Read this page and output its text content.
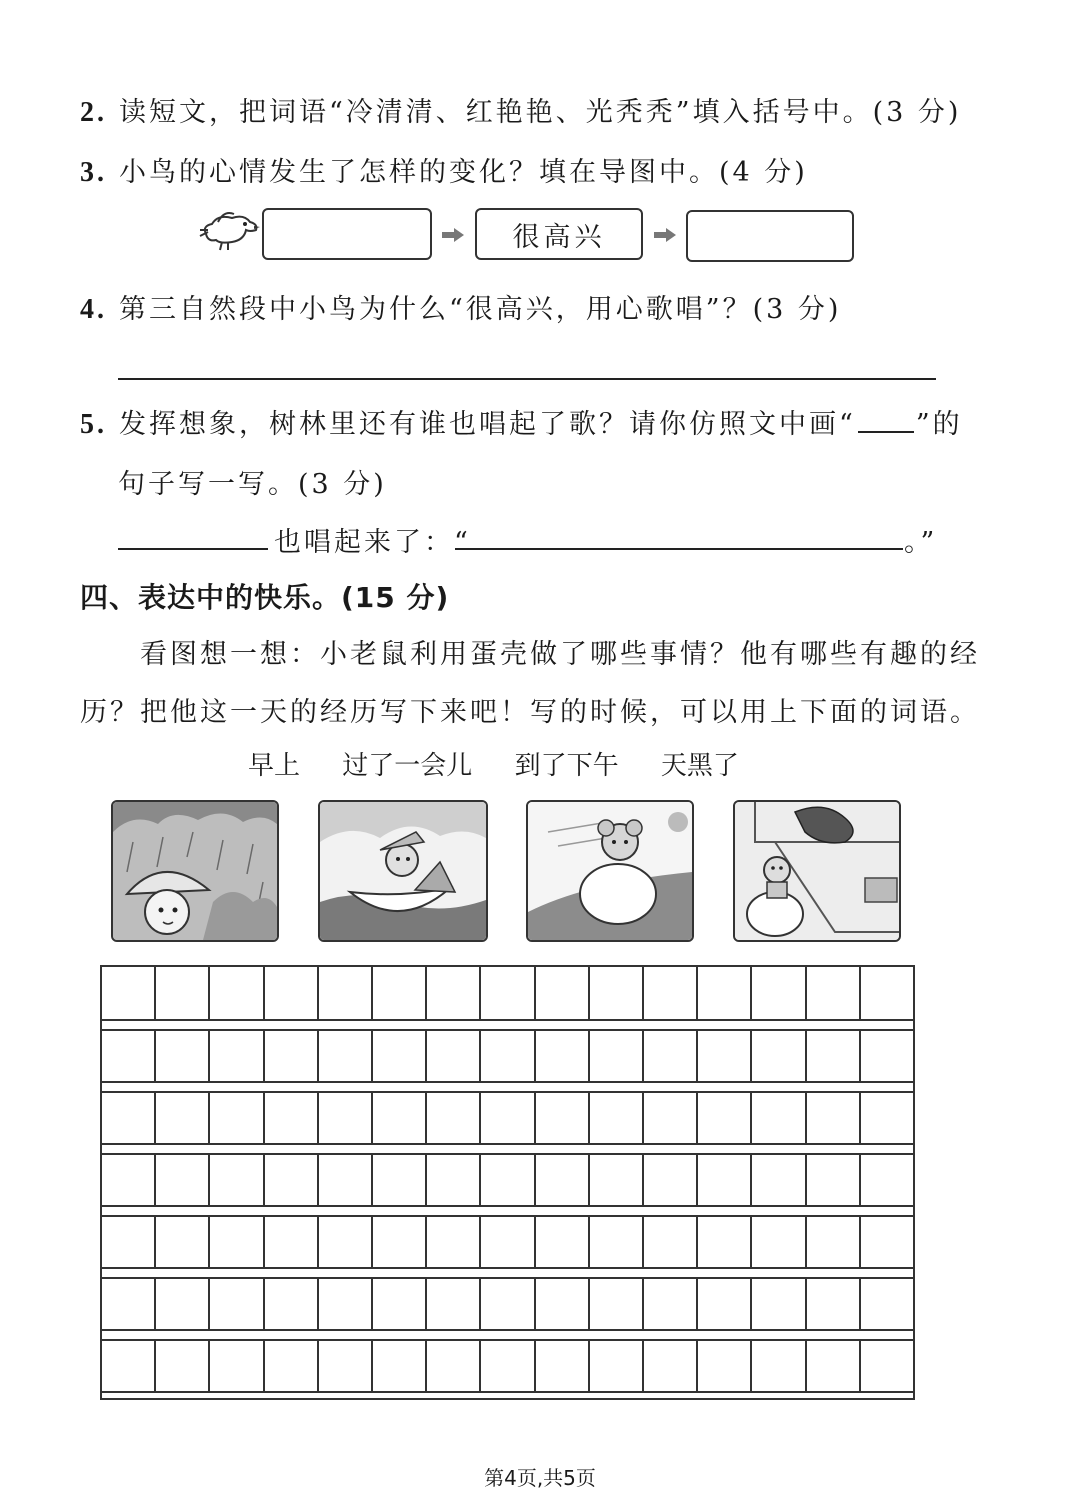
2. 读短文，把词语“冷清清、红艳艳、光秃秃”填入括号中。(3 分)
3. 小鸟的心情发生了怎样的变化？填在导图中。(4 分)
很高兴
4. 第三自然段中小鸟为什么“很高兴，用心歌唱”？(3 分)
5. 发挥想象，树林里还有谁也唱起了歌？请你仿照文中画“ ”的
句子写一写。(3 分)
也唱起来了：“	。”
四、表达中的快乐。(15 分)
看图想一想：小老鼠利用蛋壳做了哪些事情？他有哪些有趣的经
历？把他这一天的经历写下来吧！写的时候，可以用上下面的词语。
早上 过了一会儿 到了下午 天黑了
第4页,共5页
